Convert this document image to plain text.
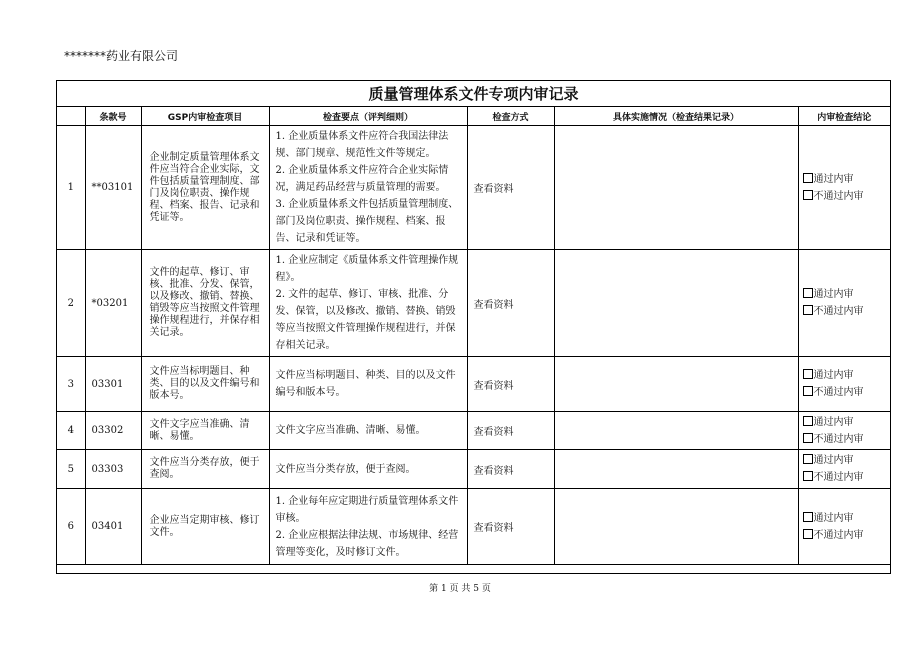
*******药业有限公司
质量管理体系文件专项内审记录						
	条款号	GSP内审检查项目	检查要点（评判细则）	检查方式	具体实施情况（检查结果记录）	内审检查结论
1	**03101	企业制定质量管理体系文件应当符合企业实际，文件包括质量管理制度、部门及岗位职责、操作规程、档案、报告、记录和凭证等。	1. 企业质量体系文件应符合我国法律法规、部门规章、规范性文件等规定。
2. 企业质量体系文件应符合企业实际情况，满足药品经营与质量管理的需要。
3. 企业质量体系文件包括质量管理制度、部门及岗位职责、操作规程、档案、报告、记录和凭证等。	查看资料		通过内审
不通过内审

2	*03201	文件的起草、修订、审核、批准、分发、保管，以及修改、撤销、替换、销毁等应当按照文件管理操作规程进行，并保存相关记录。	1. 企业应制定《质量体系文件管理操作规程》。
2. 文件的起草、修订、审核、批准、分发、保管，以及修改、撤销、替换、销毁等应当按照文件管理操作规程进行，并保存相关记录。	查看资料		通过内审
不通过内审

3	03301	文件应当标明题目、种类、目的以及文件编号和版本号。	文件应当标明题目、种类、目的以及文件编号和版本号。	查看资料		通过内审
不通过内审

4	03302	文件文字应当准确、清晰、易懂。	文件文字应当准确、清晰、易懂。	查看资料		通过内审
不通过内审

5	03303	文件应当分类存放，便于查阅。	文件应当分类存放，便于查阅。	查看资料		通过内审
不通过内审

6	03401	企业应当定期审核、修订文件。	1. 企业每年应定期进行质量管理体系文件审核。
2. 企业应根据法律法规、市场规律、经营管理等变化，及时修订文件。	查看资料		通过内审
不通过内审
第 1 页 共 5 页
